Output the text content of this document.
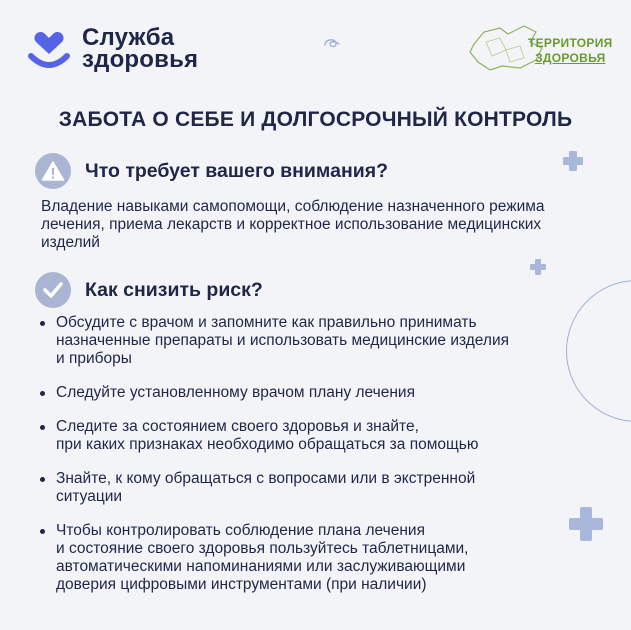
Служба
здоровья
ТЕРРИТОРИЯ
ЗДОРОВЬЯ
ЗАБОТА О СЕБЕ И ДОЛГОСРОЧНЫЙ КОНТРОЛЬ
Что требует вашего внимания?

Владение навыками самопомощи, соблюдение назначенного режима лечения, приема лекарств и корректное использование медицинских изделий

Как снизить риск?
Обсудите с врачом и запомните как правильно принимать
назначенные препараты и использовать медицинские изделия
и приборы
Следуйте установленному врачом плану лечения
Следите за состоянием своего здоровья и знайте,
при каких признаках необходимо обращаться за помощью
Знайте, к кому обращаться с вопросами или в экстренной
ситуации
Чтобы контролировать соблюдение плана лечения
и состояние своего здоровья пользуйтесь таблетницами,
автоматическими напоминаниями или заслуживающими
доверия цифровыми инструментами (при наличии)
